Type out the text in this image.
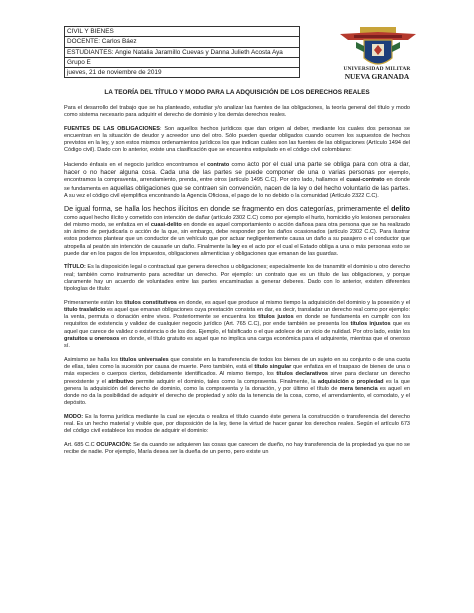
CIVIL Y BIENES
DOCENTE: Carlos Báez
ESTUDIANTES: Angie Natalia Jaramillo Cuevas y Danna Julieth Acosta Aya
Grupo E
jueves, 21 de noviembre de 2019
UNIVERSIDAD MILITAR
NUEVA GRANADA
LA TEORÍA DEL TÍTULO Y MODO PARA LA ADQUISICIÓN DE LOS DERECHOS REALES

Para el desarrollo del trabajo que se ha planteado, estudiar y/o analizar las fuentes de las obligaciones, la teoría general del título y modo como sistema necesario para adquirir el derecho de dominio y los demás derechos reales.

FUENTES DE LAS OBLIGACIONES: Son aquellos hechos jurídicos que dan origen al deber, mediante los cuales dos personas se encuentran en la situación de deudor y acreedor uno del otro. Sólo pueden quedar obligados cuando ocurren los supuestos de hechos previstos en la ley, y son estos mismos ordenamientos jurídicos los que indican cuáles son las fuentes de las obligaciones (Artículo 1494 del Código civil). Dado con lo anterior, existe una clasificación que se encuentra estipulado en el código civil colombiano:

Haciendo énfasis en el negocio jurídico encontramos el contrato como acto por el cual una parte se obliga para con otra a dar, hacer o no hacer alguna cosa. Cada una de las partes se puede componer de una o varias personas por ejemplo, encontramos la compraventa, arrendamiento, prenda, entre otros (artículo 1495 C.C). Por otro lado, hallamos el cuasi-contrato en donde se fundamenta en aquellas obligaciones que se contraen sin convención, nacen de la ley o del hecho voluntario de las partes. A su vez el código civil ejemplifica encontrando la Agencia Oficiosa, el pago de lo no debido o la comunidad (Artículo 2322 C.C).

De igual forma, se halla los hechos ilícitos en donde se fragmento en dos categorías, primeramente el delito como aquel hecho ilícito y cometido con intención de dañar (artículo 2302 C.C) como por ejemplo el hurto, homicidio y/o lesiones personales del mismo modo, se enfatiza en el cuasi-delito en donde es aquel comportamiento o acción dañosa para otra persona que se ha realizado sin ánimo de perjudicarla o acción de la que, sin embargo, debe responder por los daños ocasionados (artículo 2302 C.C). Para ilustrar estos podemos plantear que un conductor de un vehículo que por actuar negligentemente causa un daño a su pasajero o el conductor que atropella al peatón sin intención de causarle un daño. Finalmente la ley es el acto por el cual el Estado obliga a una o más personas esto se puede dar en los pagos de los impuestos, obligaciones alimenticias y obligaciones que emanan de las guardas.

TÍTULO: Es la disposición legal o contractual que genera derechos u obligaciones; especialmente los de transmitir el dominio u otro derecho real; también como instrumento para acreditar un derecho. Por ejemplo: un contrato que es un título de las obligaciones, y porque claramente hay un acuerdo de voluntades entre las partes encaminadas a generar deberes. Dado con lo anterior, existen diferentes tipologías de título:

Primeramente están los títulos constitutivos en donde, es aquel que produce al mismo tiempo la adquisición del dominio y la posesión y el título traslaticio es aquel que emanan obligaciones cuya prestación consista en dar, es decir, transladar un derecho real como por ejemplo: la venta, permuta o donación entre vivos. Posteriormente se encuentra los títulos justos en donde se fundamenta en cumplir con los requisitos de existencia y validez de cualquier negocio jurídico (Art. 765 C.C), por ende también se presenta los títulos injustos que es aquel que carece de validez o existencia o de los dos. Ejemplo, el falsificado o el que adolece de un vicio de nulidad. Por otro lado, están los gratuitos u onerosos en donde, el título gratuito es aquel que no implica una carga económica para el adquirente, mientras que el oneroso sí.

Asimismo se halla los títulos universales que consiste en la transferencia de todos los bienes de un sujeto en su conjunto o de una cuota de ellas, tales como la sucesión por causa de muerte. Pero también, está el título singular que enfatiza en el traspaso de bienes de una o más especies o cuerpos ciertos, debidamente identificados. Al mismo tiempo, los títulos declarativos sirve para declarar un derecho preexistente y el atributivo permite adquirir el dominio, tales como la compraventa. Finalmente, la adquisición o propiedad es la que genera la adquisición del derecho de dominio, como la compraventa y la donación, y por último el título de mera tenencia es aquel en donde no da la posibilidad de adquirir el derecho de propiedad y sólo da la tenencia de la cosa, como, el arrendamiento, el comodato, y el depósito.

MODO: Es la forma jurídica mediante la cual se ejecuta o realiza el título cuando éste genera la construcción o transferencia del derecho real. Es un hecho material y visible que, por disposición de la ley, tiene la virtud de hacer ganar los derechos reales. Según el artículo 673 del código civil establece los modos de adquirir el dominio:

Art. 685 C.C OCUPACIÓN: Se da cuando se adquieren las cosas que carecen de dueño, no hay transferencia de la propiedad ya que no se recibe de nadie. Por ejemplo, María desea ser la dueña de un perro, pero existe un
